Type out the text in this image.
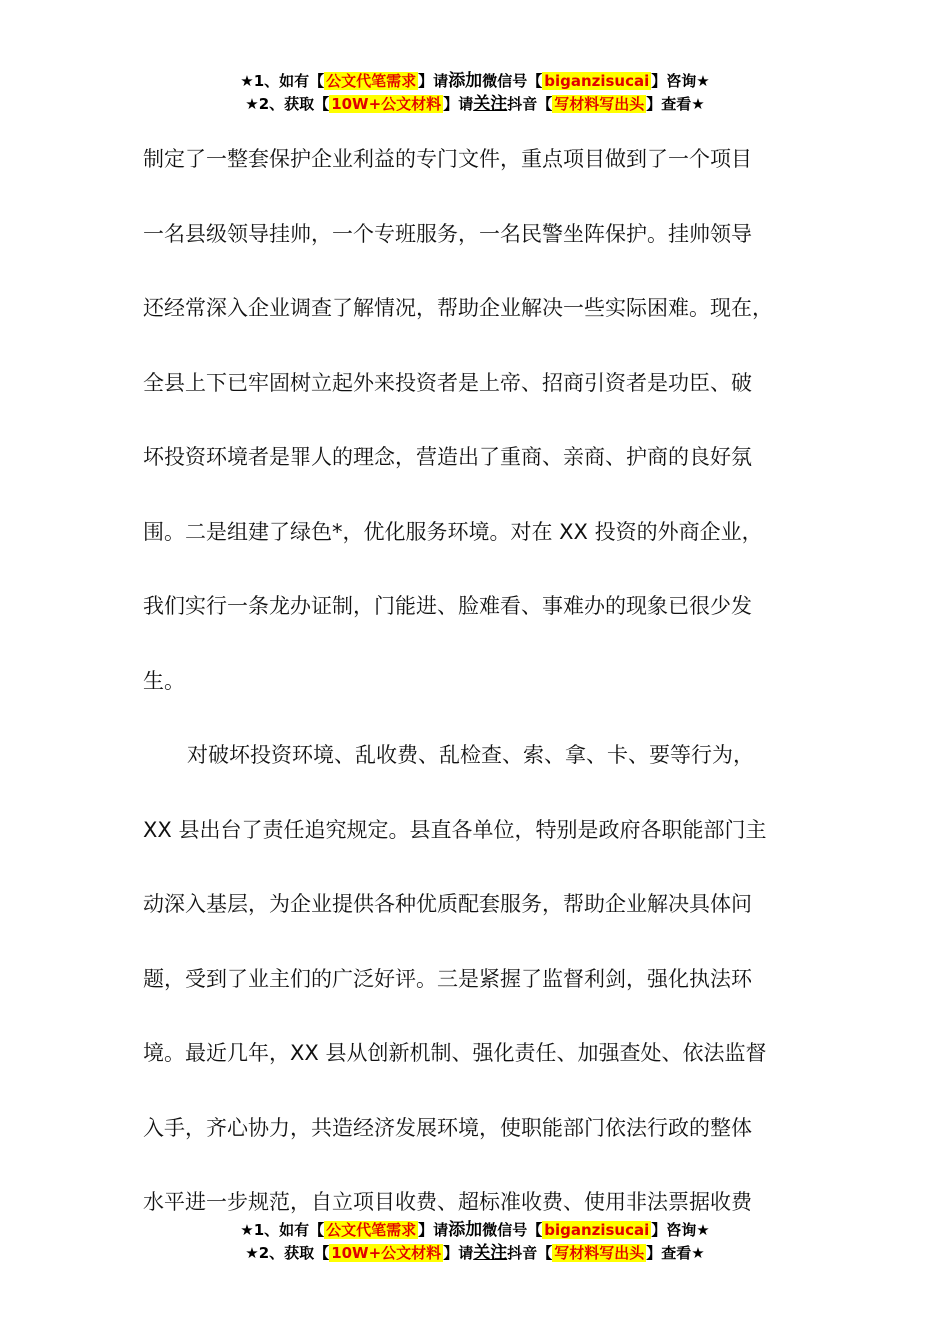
★1、如有【 公文代笔需求 】请添加微信号【 biganzisucai 】咨询★
★2、获取【 10W+公文材料 】请关注抖音【 写材料写出头 】查看★
制定了一整套保护企业利益的专门文件，重点项目做到了一个项目
一名县级领导挂帅，一个专班服务，一名民警坐阵保护。挂帅领导
还经常深入企业调查了解情况，帮助企业解决一些实际困难。现在，
全县上下已牢固树立起外来投资者是上帝、招商引资者是功臣、破
坏投资环境者是罪人的理念，营造出了重商、亲商、护商的良好氛
围。二是组建了绿色*，优化服务环境。对在 XX 投资的外商企业，
我们实行一条龙办证制，门能进、脸难看、事难办的现象已很少发
生。
对破坏投资环境、乱收费、乱检查、索、拿、卡、要等行为，
XX 县出台了责任追究规定。县直各单位，特别是政府各职能部门主
动深入基层，为企业提供各种优质配套服务，帮助企业解决具体问
题，受到了业主们的广泛好评。三是紧握了监督利剑，强化执法环
境。最近几年，XX 县从创新机制、强化责任、加强查处、依法监督
入手，齐心协力，共造经济发展环境，使职能部门依法行政的整体
水平进一步规范，自立项目收费、超标准收费、使用非法票据收费
★1、如有【 公文代笔需求 】请添加微信号【 biganzisucai 】咨询★
★2、获取【 10W+公文材料 】请关注抖音【 写材料写出头 】查看★
